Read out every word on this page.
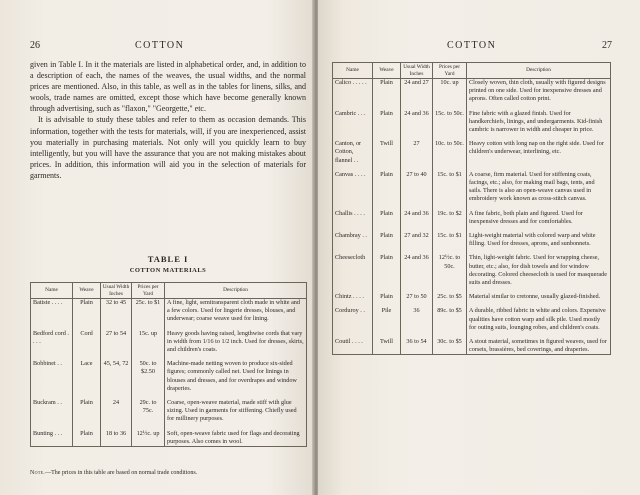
26	COTTON

given in Table I. In it the materials are listed in alphabetical order, and, in addition to a description of each, the names of the weaves, the usual widths, and the normal prices are mentioned. Also, in this table, as well as in the tables for linens, silks, and wools, trade names are omitted, except those which have become generally known through advertising, such as "flaxon," "Georgette," etc.

It is advisable to study these tables and refer to them as occasion demands. This information, together with the tests for materials, will, if you are inexperienced, assist you materially in purchasing materials. Not only will you quickly learn to buy intelligently, but you will have the assurance that you are not making mistakes about prices. In addition, this information will aid you in the selection of materials for garments.

TABLE I
COTTON MATERIALS
Name	Weave	Usual Width Inches	Prices per Yard	Description
Batiste . . . .	Plain	32 to 45	25c. to $1	A fine, light, semitransparent cloth made in white and a few colors. Used for lingerie dresses, blouses, and underwear; coarse weave used for lining.
Bedford cord . . . .	Cord	27 to 54	15c. up	Heavy goods having raised, lengthwise cords that vary in width from 1/16 to 1/2 inch. Used for dresses, skirts, and children's coats.
Bobbinet . .	Lace	45, 54, 72	50c. to $2.50	Machine-made netting woven to produce six-sided figures; commonly called net. Used for linings in blouses and dresses, and for overdrapes and window draperies.
Buckram . .	Plain	24	29c. to 75c.	Coarse, open-weave material, made stiff with glue sizing. Used in garments for stiffening. Chiefly used for millinery purposes.
Bunting . . .	Plain	18 to 36	12½c. up	Soft, open-weave fabric used for flags and decorating purposes. Also comes in wool.
Note.—The prices in this table are based on normal trade conditions.
COTTON	27
Name	Weave	Usual Width Inches	Prices per Yard	Description
Calico . . . . .	Plain	24 and 27	10c. up	Closely woven, thin cloth, usually with figured designs printed on one side. Used for inexpensive dresses and aprons. Often called cotton print.
Cambric . . .	Plain	24 and 36	15c. to 50c.	Fine fabric with a glazed finish. Used for handkerchiefs, linings, and undergarments. Kid-finish cambric is narrower in width and cheaper in price.
Canton, or Cotton, flannel . .	Twill	27	10c. to 50c.	Heavy cotton with long nap on the right side. Used for children's underwear, interlining, etc.
Canvas . . . .	Plain	27 to 40	15c. to $1	A coarse, firm material. Used for stiffening coats, facings, etc.; also, for making mail bags, tents, and sails. There is also an open-weave canvas used in embroidery work known as cross-stitch canvas.
Challis . . . .	Plain	24 and 36	19c. to $2	A fine fabric, both plain and figured. Used for inexpensive dresses and for comfortables.
Chambray . .	Plain	27 and 32	15c. to $1	Light-weight material with colored warp and white filling. Used for dresses, aprons, and sunbonnets.
Cheesecloth	Plain	24 and 36	12½c. to 50c.	Thin, light-weight fabric. Used for wrapping cheese, butter, etc.; also, for dish towels and for window decorating. Colored cheesecloth is used for masquerade suits and dresses.
Chintz . . . .	Plain	27 to 50	25c. to $5	Material similar to cretonne, usually glazed-finished.
Corduroy . .	Pile	36	89c. to $5	A durable, ribbed fabric in white and colors. Expensive qualities have cotton warp and silk pile. Used mostly for outing suits, lounging robes, and children's coats.
Coutil . . . .	Twill	36 to 54	30c. to $5	A stout material, sometimes in figured weaves, used for corsets, brassières, bed coverings, and draperies.
